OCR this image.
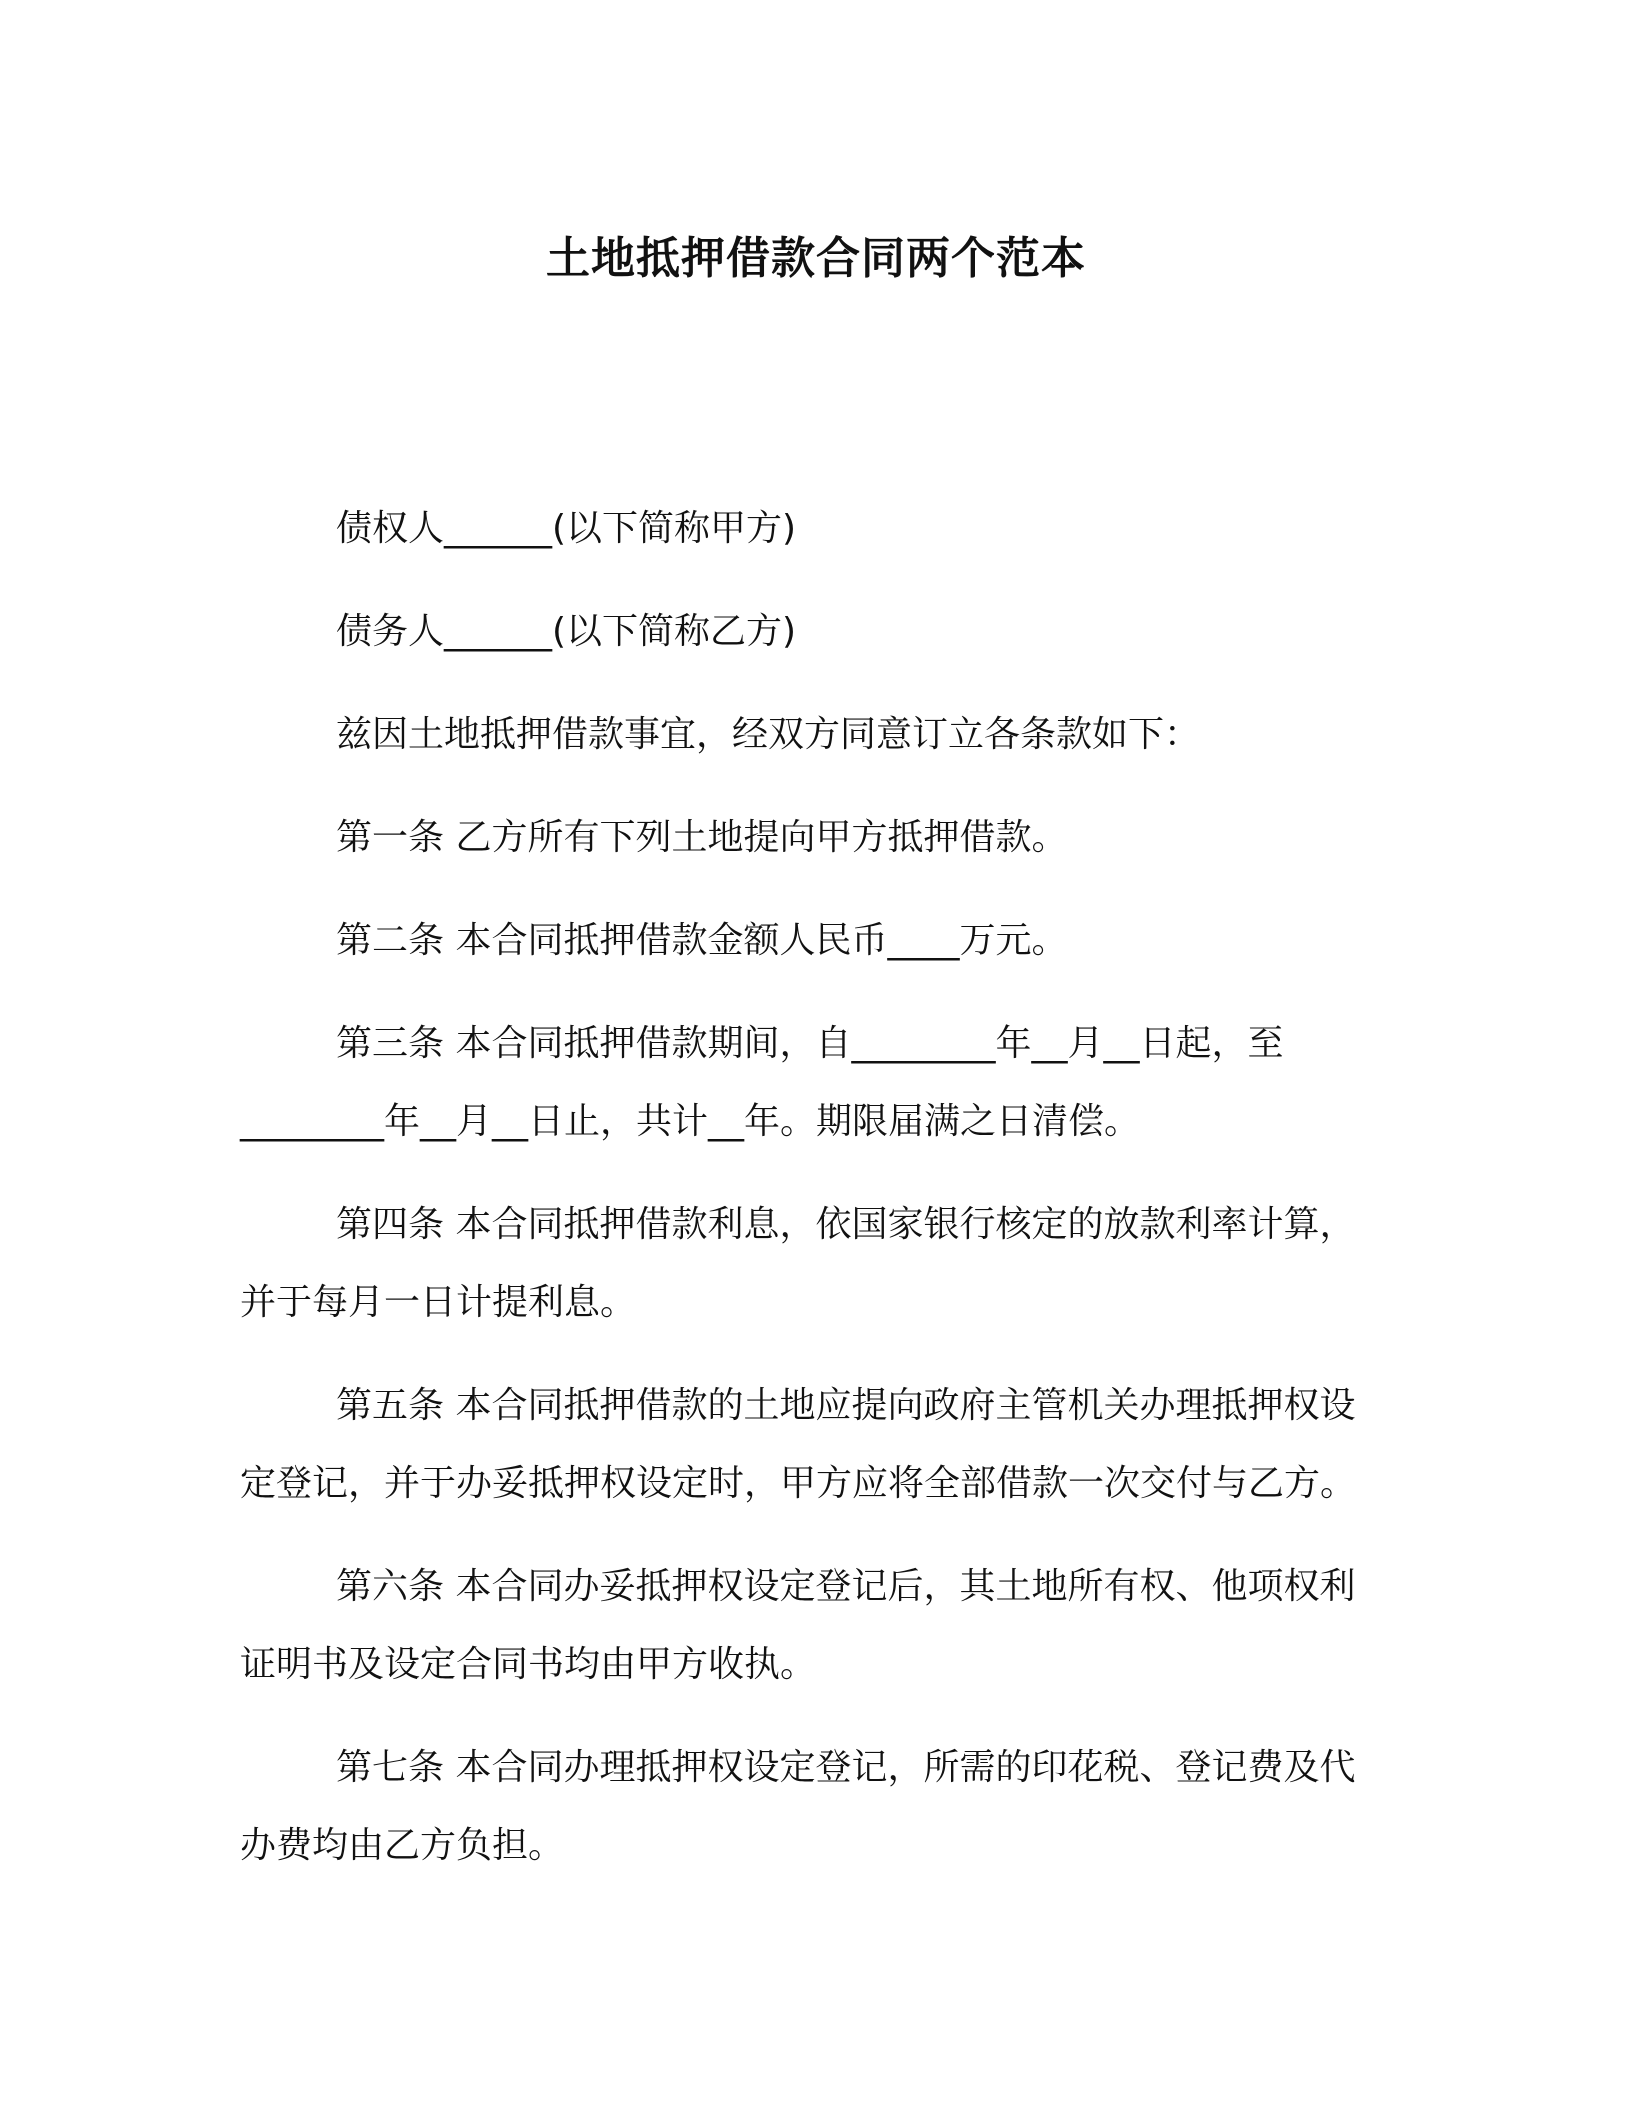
土地抵押借款合同两个范本

债权人______(以下简称甲方)

债务人______(以下简称乙方)

兹因土地抵押借款事宜，经双方同意订立各条款如下：

第一条 乙方所有下列土地提向甲方抵押借款。

第二条 本合同抵押借款金额人民币____万元。

第三条 本合同抵押借款期间，自________年__月__日起，至________年__月__日止，共计__年。期限届满之日清偿。

第四条 本合同抵押借款利息，依国家银行核定的放款利率计算，并于每月一日计提利息。

第五条 本合同抵押借款的土地应提向政府主管机关办理抵押权设定登记，并于办妥抵押权设定时，甲方应将全部借款一次交付与乙方。

第六条 本合同办妥抵押权设定登记后，其土地所有权、他项权利证明书及设定合同书均由甲方收执。

第七条 本合同办理抵押权设定登记，所需的印花税、登记费及代办费均由乙方负担。
